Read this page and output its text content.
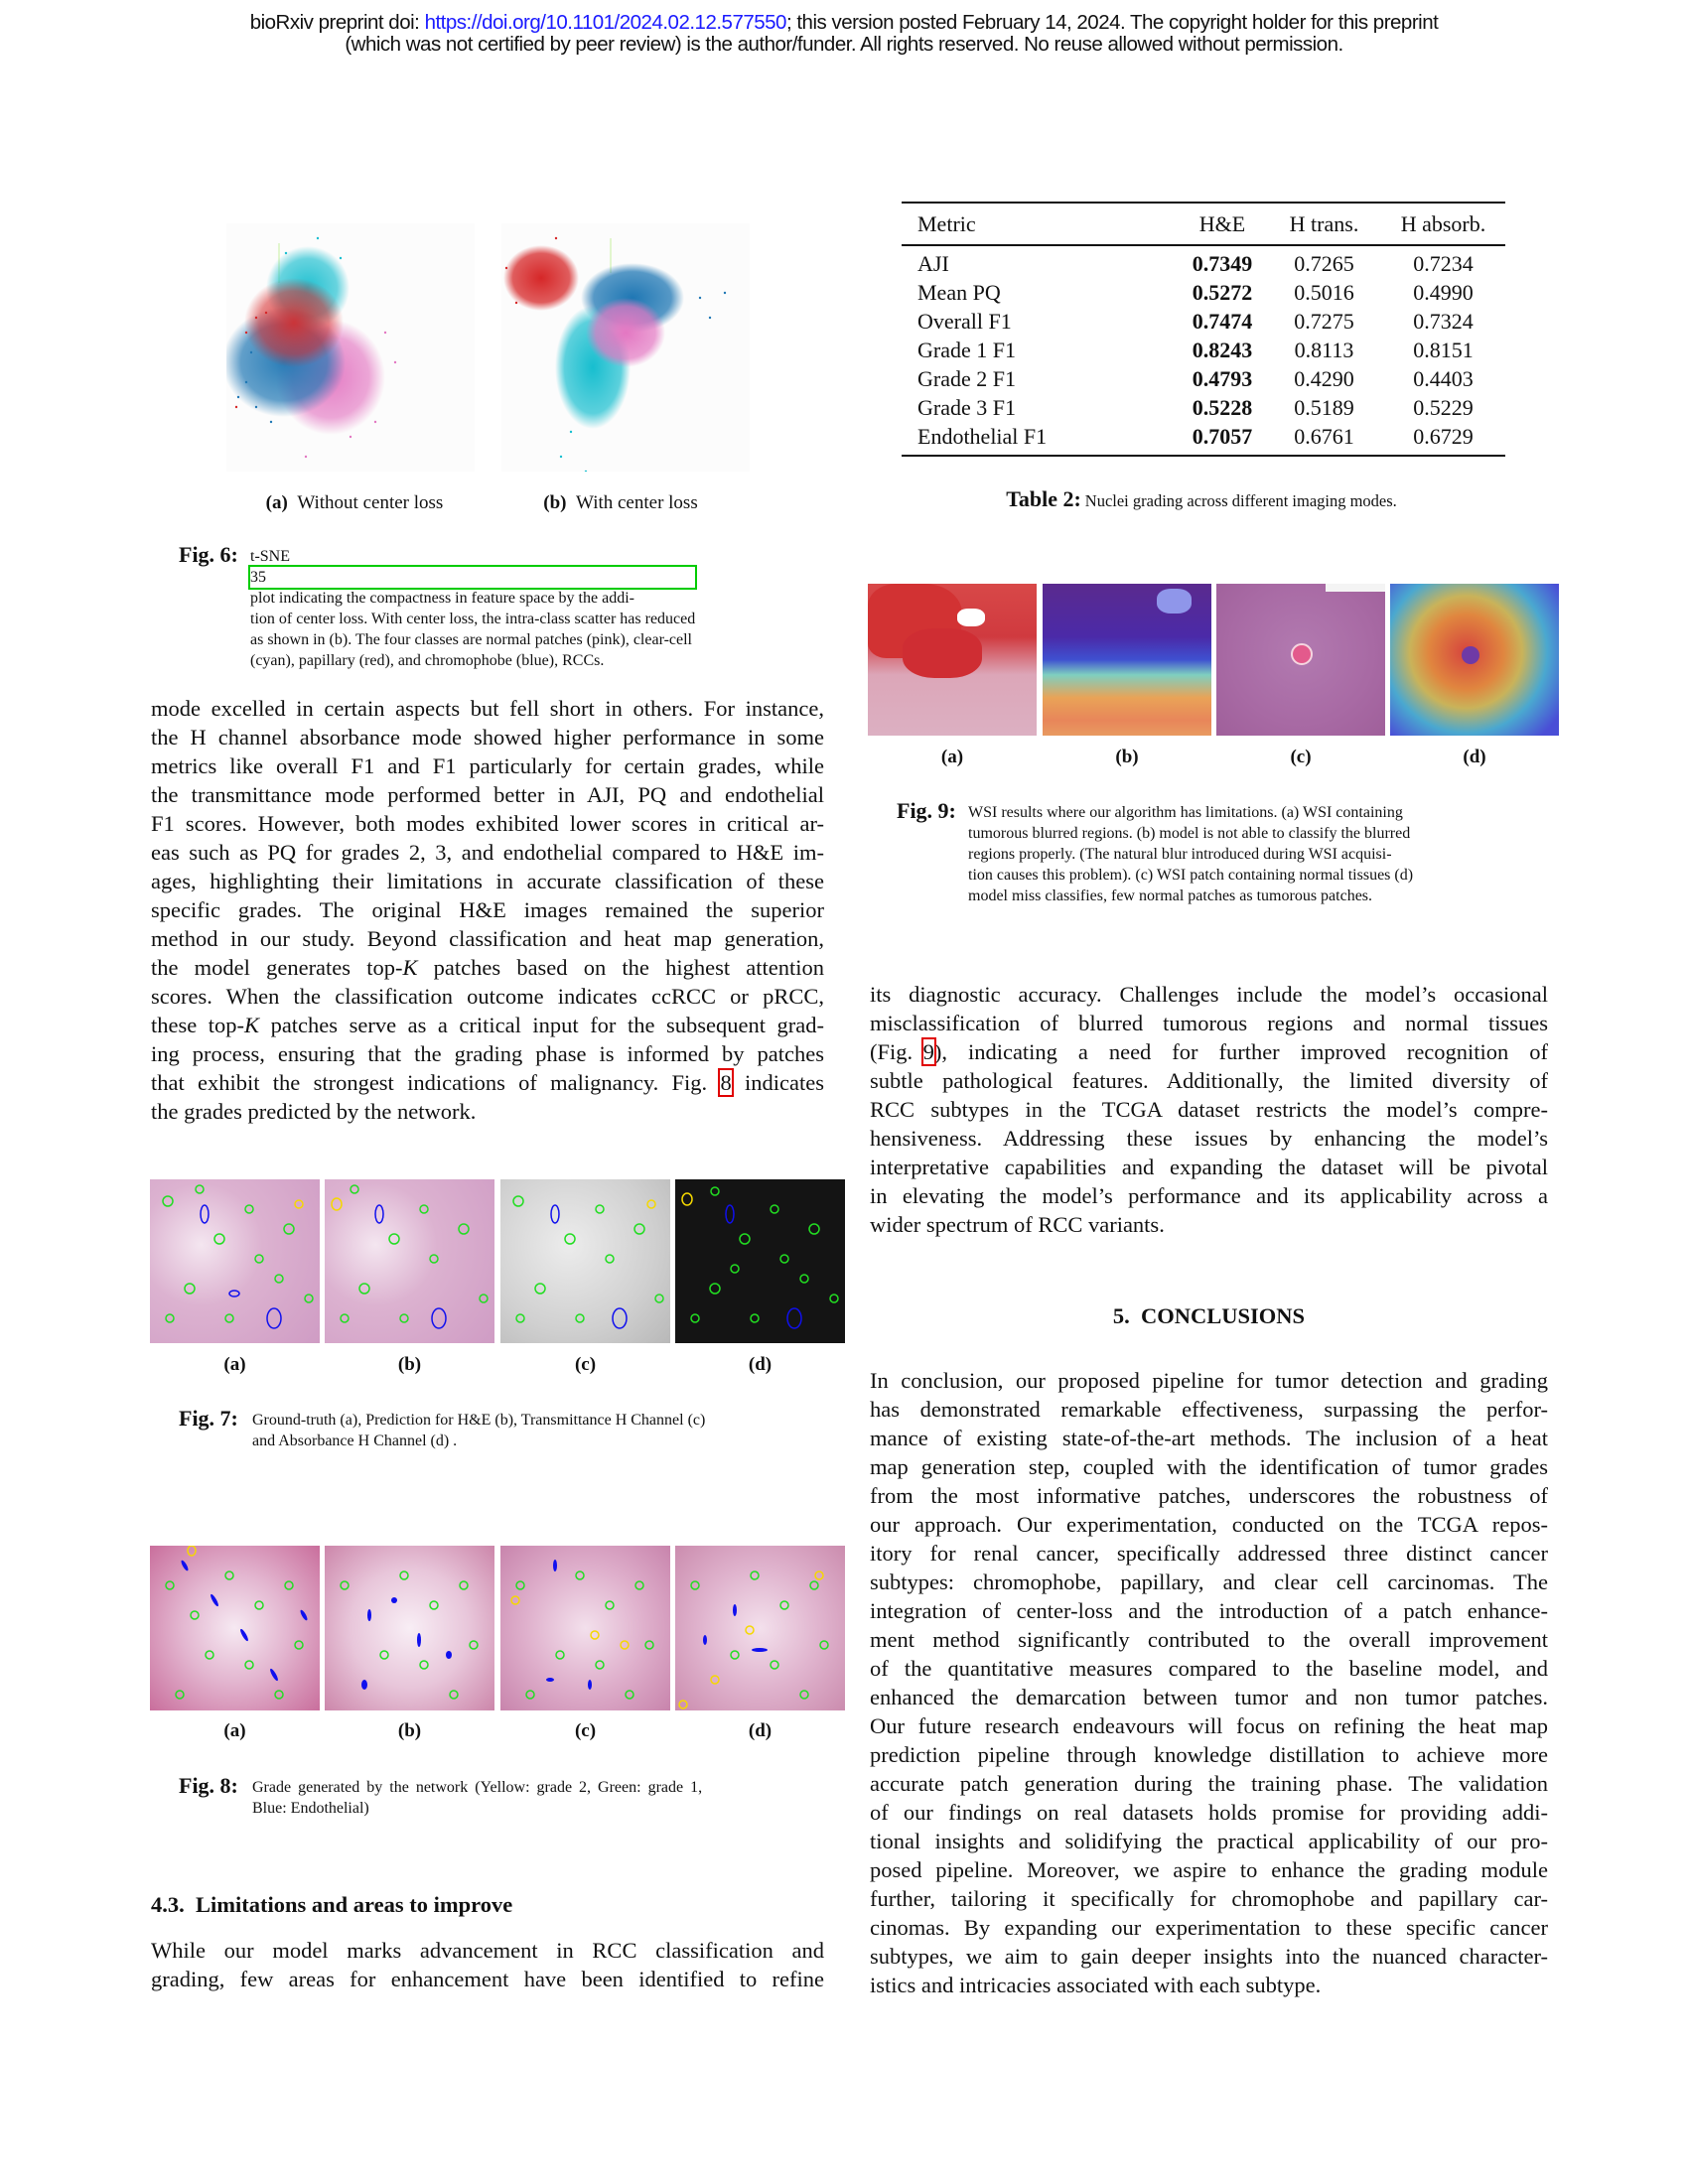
bioRxiv preprint doi: https://doi.org/10.1101/2024.02.12.577550; this version posted February 14, 2024. The copyright holder for this preprint
(which was not certified by peer review) is the author/funder. All rights reserved. No reuse allowed without permission.
(a) Without center loss	(b) With center loss
Fig. 6: t-SNE
35
plot indicating the compactness in feature space by the addi-
tion of center loss. With center loss, the intra-class scatter has reduced
as shown in (b). The four classes are normal patches (pink), clear-cell
(cyan), papillary (red), and chromophobe (blue), RCCs.
Metric	H&E	H trans.	H absorb.
AJI	0.7349	0.7265	0.7234
Mean PQ	0.5272	0.5016	0.4990
Overall F1	0.7474	0.7275	0.7324
Grade 1 F1	0.8243	0.8113	0.8151
Grade 2 F1	0.4793	0.4290	0.4403
Grade 3 F1	0.5228	0.5189	0.5229
Endothelial F1	0.7057	0.6761	0.6729
Table 2: Nuclei grading across different imaging modes.
(a)	(b)	(c)	(d)
Fig. 9: WSI results where our algorithm has limitations. (a) WSI containing
tumorous blurred regions. (b) model is not able to classify the blurred
regions properly. (The natural blur introduced during WSI acquisi-
tion causes this problem). (c) WSI patch containing normal tissues (d)
model miss classifies, few normal patches as tumorous patches.
mode excelled in certain aspects but fell short in others. For instance,
the H channel absorbance mode showed higher performance in some
metrics like overall F1 and F1 particularly for certain grades, while
the transmittance mode performed better in AJI, PQ and endothelial
F1 scores. However, both modes exhibited lower scores in critical ar-
eas such as PQ for grades 2, 3, and endothelial compared to H&E im-
ages, highlighting their limitations in accurate classification of these
specific grades. The original H&E images remained the superior
method in our study. Beyond classification and heat map generation,
the model generates top-K patches based on the highest attention
scores. When the classification outcome indicates ccRCC or pRCC,
these top-K patches serve as a critical input for the subsequent grad-
ing process, ensuring that the grading phase is informed by patches
that exhibit the strongest indications of malignancy. Fig. 8 indicates
the grades predicted by the network.
(a)	(b)	(c)	(d)
Fig. 7: Ground-truth (a), Prediction for H&E (b), Transmittance H Channel (c)
and Absorbance H Channel (d) .
(a)	(b)	(c)	(d)
Fig. 8: Grade generated by the network (Yellow: grade 2, Green: grade 1,
Blue: Endothelial)
4.3.  Limitations and areas to improve
While our model marks advancement in RCC classification and
grading, few areas for enhancement have been identified to refine
its diagnostic accuracy. Challenges include the model’s occasional
misclassification of blurred tumorous regions and normal tissues
(Fig. 9),  indicating  a  need  for  further  improved  recognition  of
subtle pathological features. Additionally, the limited diversity of
RCC subtypes in the TCGA dataset restricts the model’s compre-
hensiveness. Addressing these issues by enhancing the model’s
interpretative capabilities and expanding the dataset will be pivotal
in elevating the model’s performance and its applicability across a
wider spectrum of RCC variants.
5.  CONCLUSIONS
In conclusion, our proposed pipeline for tumor detection and grading
has demonstrated remarkable effectiveness, surpassing the perfor-
mance of existing state-of-the-art methods. The inclusion of a heat
map generation step, coupled with the identification of tumor grades
from the most informative patches, underscores the robustness of
our approach. Our experimentation, conducted on the TCGA repos-
itory for renal cancer, specifically addressed three distinct cancer
subtypes: chromophobe, papillary, and clear cell carcinomas. The
integration of center-loss and the introduction of a patch enhance-
ment method significantly contributed to the overall improvement
of the quantitative measures compared to the baseline model, and
enhanced the demarcation between tumor and non tumor patches.
Our future research endeavours will focus on refining the heat map
prediction pipeline through knowledge distillation to achieve more
accurate patch generation during the training phase. The validation
of our findings on real datasets holds promise for providing addi-
tional insights and solidifying the practical applicability of our pro-
posed pipeline. Moreover, we aspire to enhance the grading module
further, tailoring it specifically for chromophobe and papillary car-
cinomas. By expanding our experimentation to these specific cancer
subtypes, we aim to gain deeper insights into the nuanced character-
istics and intricacies associated with each subtype.
